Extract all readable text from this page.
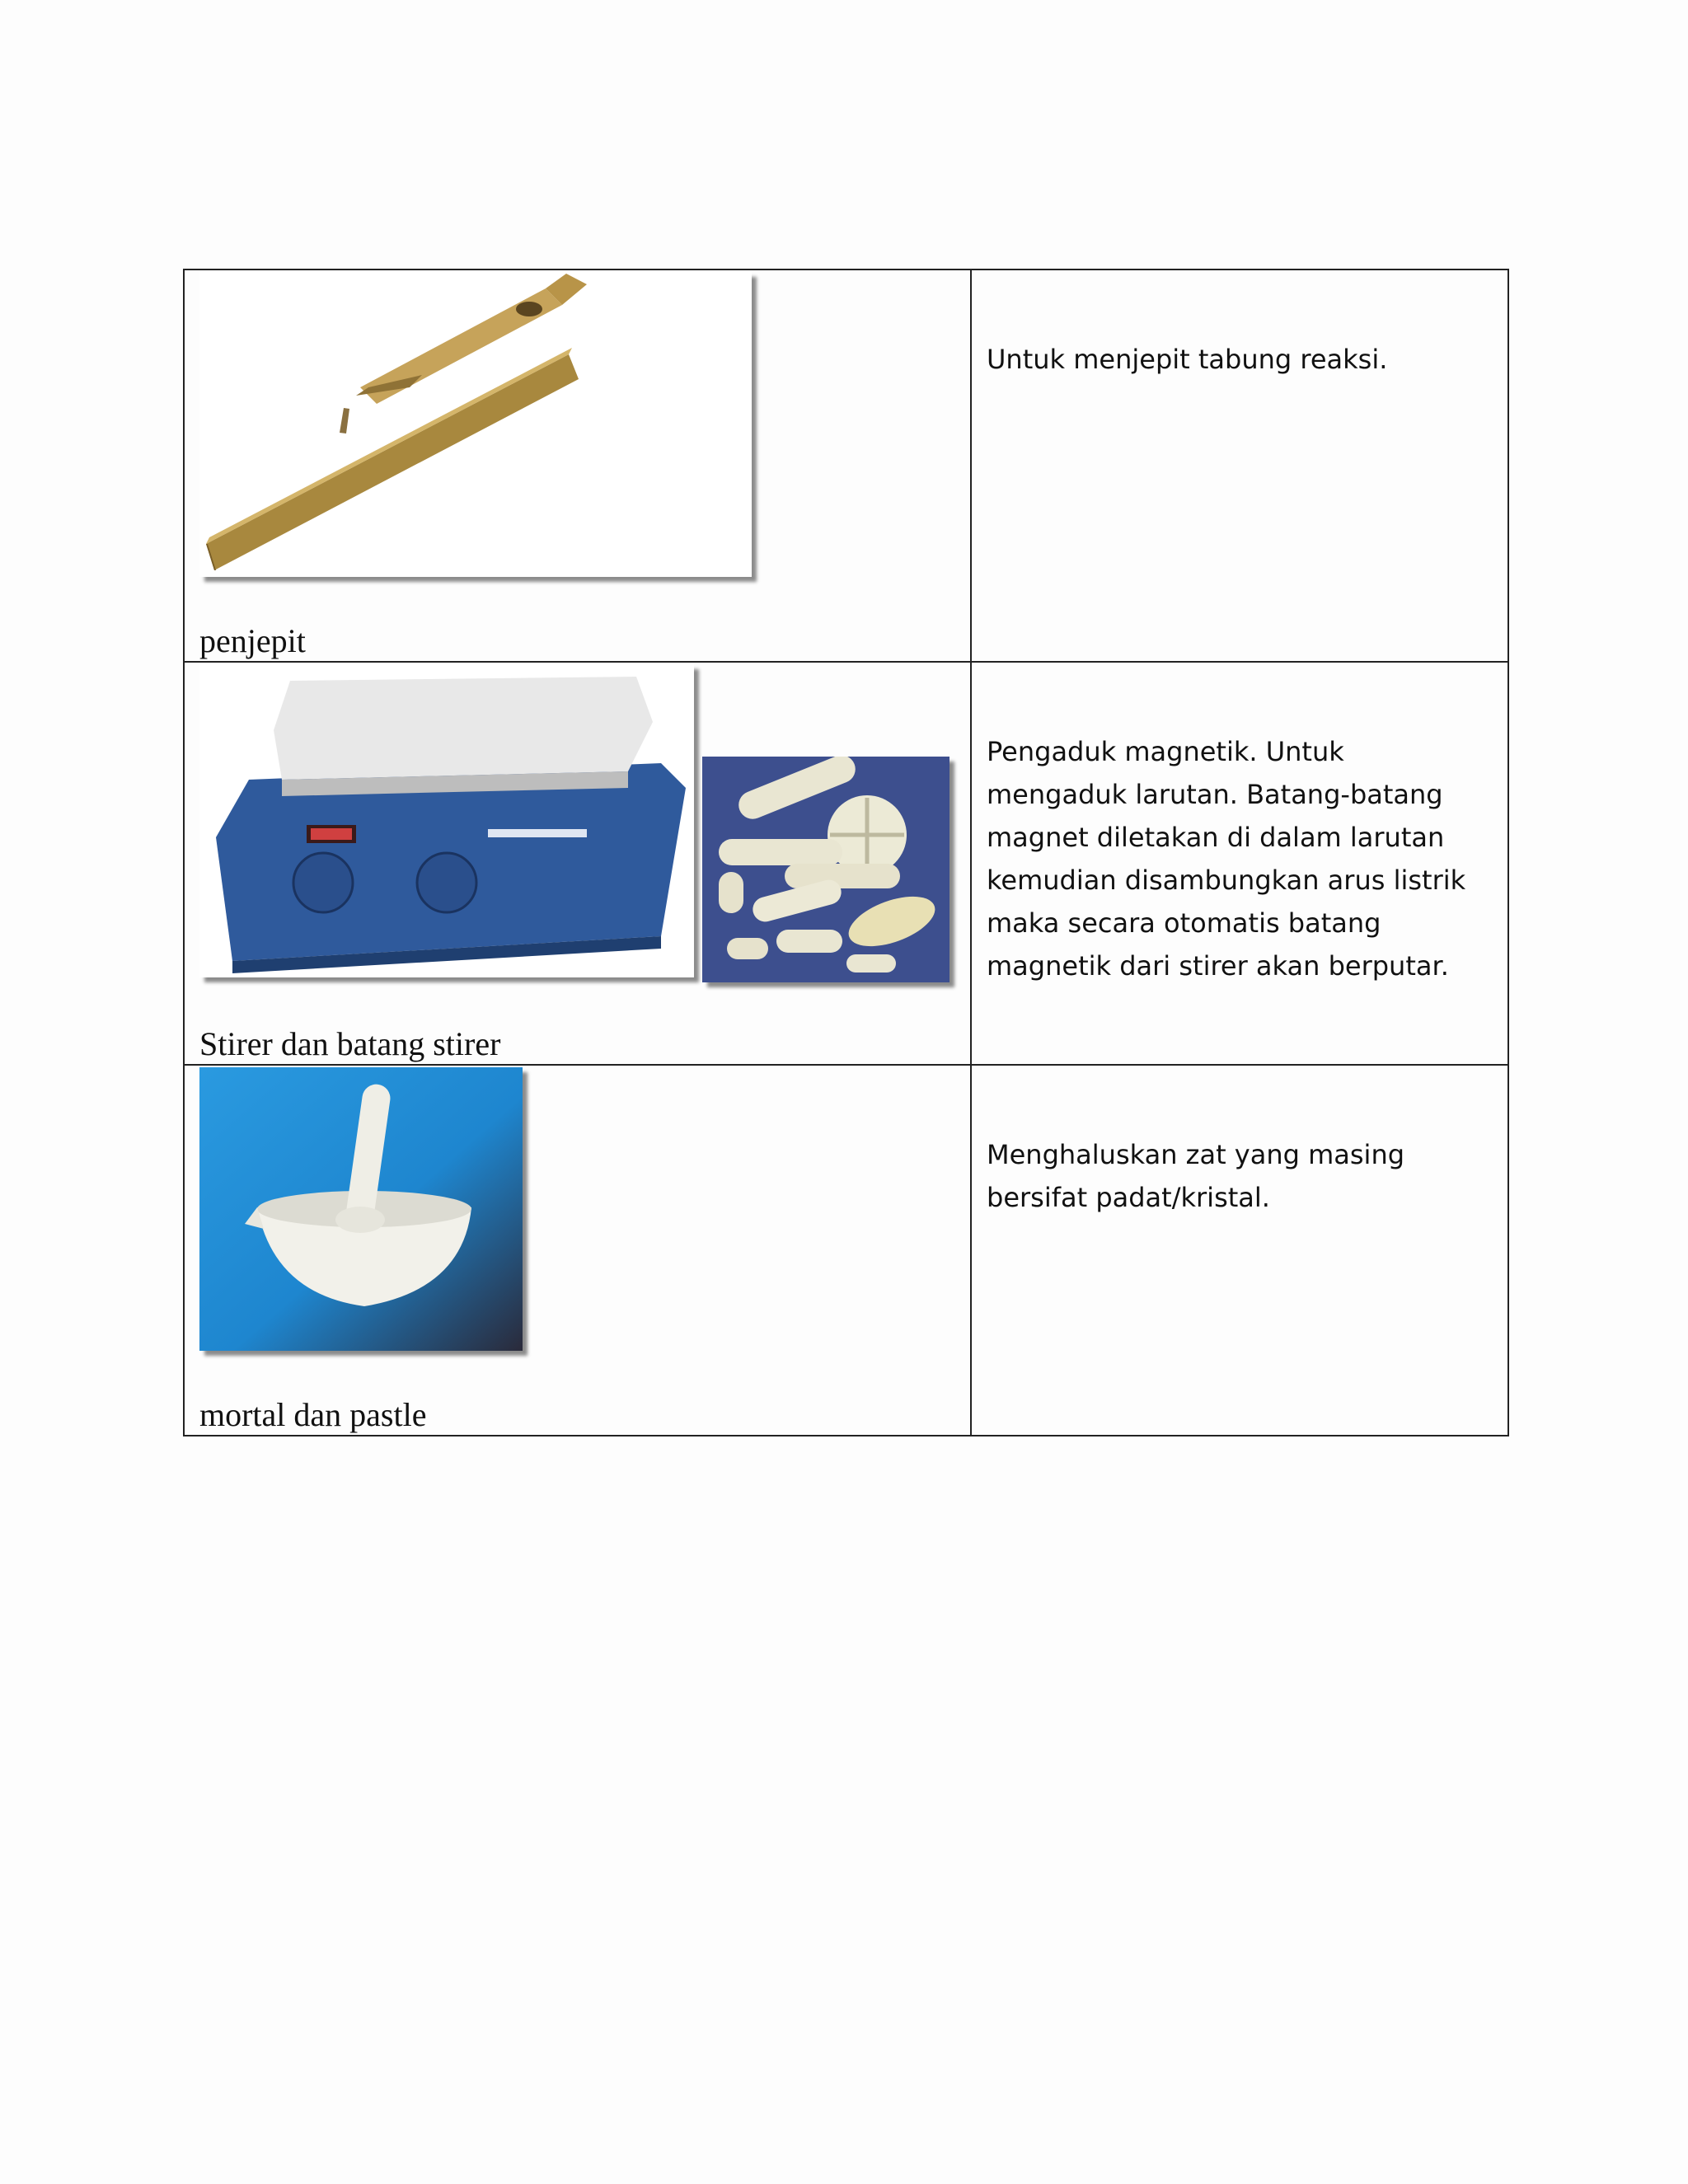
penjepit	Untuk menjepit tabung reaksi.

Stirer dan batang stirer	Pengaduk magnetik. Untuk mengaduk larutan. Batang-batang magnet diletakan di dalam larutan kemudian disambungkan arus listrik maka secara otomatis batang magnetik dari stirer akan berputar.

mortal dan pastle	Menghaluskan zat yang masing bersifat padat/kristal.
